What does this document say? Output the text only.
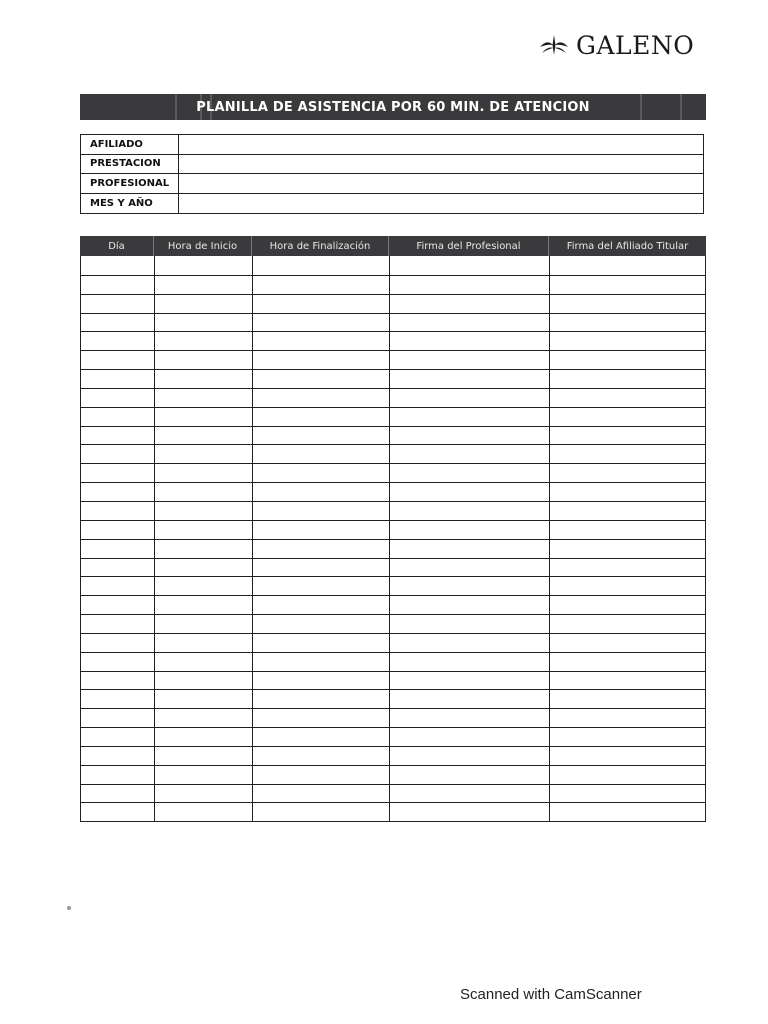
GALENO
PLANILLA DE ASISTENCIA POR 60 MIN. DE ATENCION
AFILIADO
PRESTACION
PROFESIONAL
MES Y AÑO
Día	Hora de Inicio	Hora de Finalización	Firma del Profesional	Firma del Afiliado Titular
Scanned with CamScanner
